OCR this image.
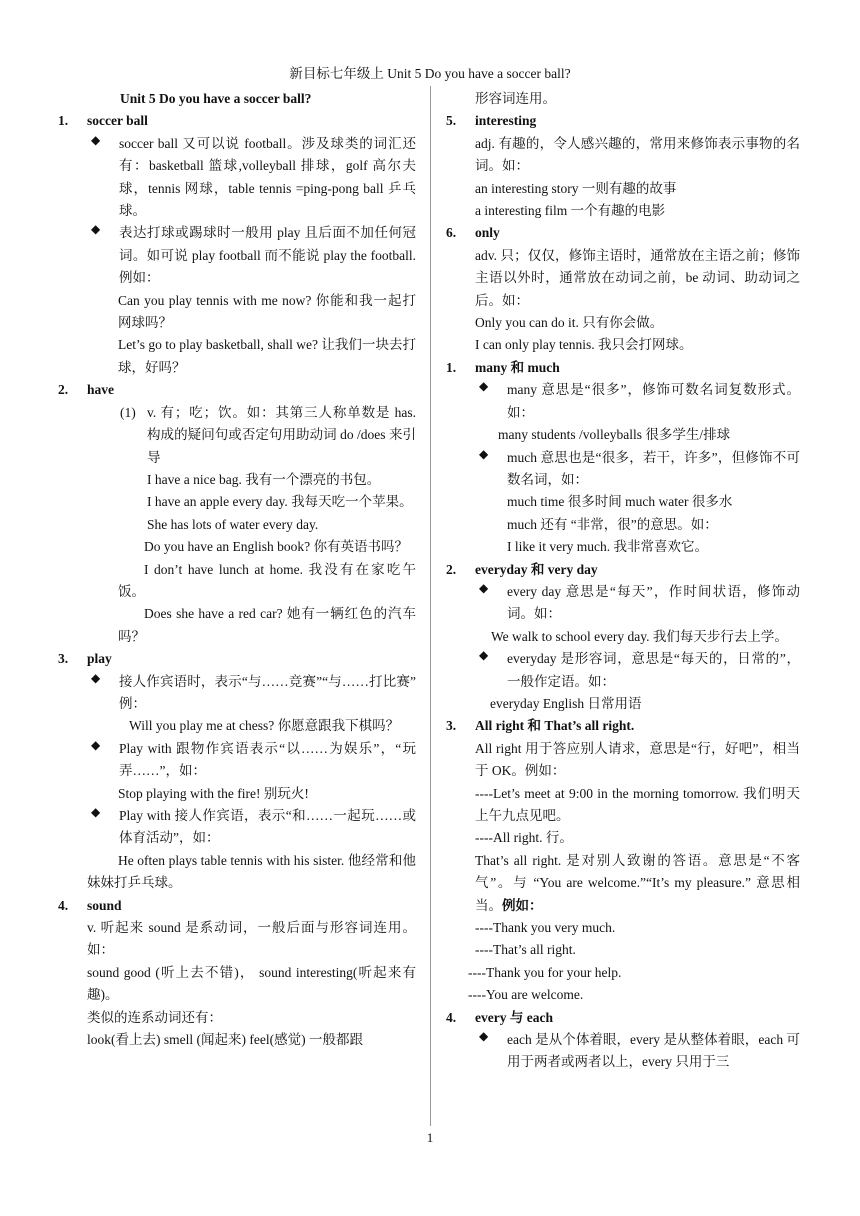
新目标七年级上 Unit 5 Do you have a soccer ball?

Unit 5 Do you have a soccer ball?

1.	soccer ball
◆	soccer ball 又可以说 football。涉及球类的词汇还有：basketball 篮球,volleyball 排球，golf 高尔夫球，tennis 网球，table tennis =ping-pong ball 乒乓球。
◆	表达打球或踢球时一般用 play 且后面不加任何冠词。如可说 play football 而不能说 play the football. 例如：

Can you play tennis with me now? 你能和我一起打网球吗？

Let’s go to play basketball, shall we? 让我们一块去打球，好吗？

2.	have
(1) v. 有；吃；饮。如：其第三人称单数是 has. 构成的疑问句或否定句用助动词 do /does 来引导

I have a nice bag. 我有一个漂亮的书包。

I have an apple every day. 我每天吃一个苹果。

She has lots of water every day.

Do you have an English book? 你有英语书吗？

I don’t have lunch at home. 我没有在家吃午饭。

Does she have a red car? 她有一辆红色的汽车吗？

3.	play
◆	接人作宾语时，表示“与……竞赛”“与……打比赛” 例：

Will you play me at chess? 你愿意跟我下棋吗？

◆	Play with 跟物作宾语表示“以……为娱乐”，“玩弄……”，如：

Stop playing with the fire! 别玩火!

◆	Play with 接人作宾语，表示“和……一起玩……或体育活动”，如：

He often plays table tennis with his sister. 他经常和他妹妹打乒乓球。

4.	sound

v. 听起来 sound 是系动词，一般后面与形容词连用。如：

sound good (听上去不错)， sound interesting(听起来有趣)。

类似的连系动词还有：

look(看上去) smell (闻起来) feel(感觉) 一般都跟

形容词连用。

5.	interesting

adj. 有趣的，令人感兴趣的，常用来修饰表示事物的名词。如：

an interesting story 一则有趣的故事

a interesting film 一个有趣的电影

6.	only

adv. 只；仅仅，修饰主语时，通常放在主语之前；修饰主语以外时，通常放在动词之前，be 动词、助动词之后。如：

Only you can do it. 只有你会做。

I can only play tennis. 我只会打网球。

1.	many 和 much
◆	many 意思是“很多”，修饰可数名词复数形式。如：

many students /volleyballs 很多学生/排球

◆	much 意思也是“很多，若干，许多”，但修饰不可数名词，如：

much time 很多时间 much water 很多水

much 还有 “非常，很”的意思。如：

I like it very much. 我非常喜欢它。

2.	everyday 和 very day
◆	every day 意思是“每天”，作时间状语，修饰动词。如：

We walk to school every day. 我们每天步行去上学。

◆	everyday 是形容词，意思是“每天的，日常的”，一般作定语。如：

everyday English 日常用语

3.	All right 和 That’s all right.

All right 用于答应别人请求，意思是“行，好吧”，相当于 OK。例如：

----Let’s meet at 9:00 in the morning tomorrow. 我们明天上午九点见吧。

----All right. 行。

That’s all right. 是对别人致谢的答语。意思是“不客气”。与 “You are welcome.”“It’s my pleasure.” 意思相当。例如：

----Thank you very much.

----That’s all right.

----Thank you for your help.

----You are welcome.

4.	every 与 each
◆	each 是从个体着眼，every 是从整体着眼，each 可用于两者或两者以上，every 只用于三
1
